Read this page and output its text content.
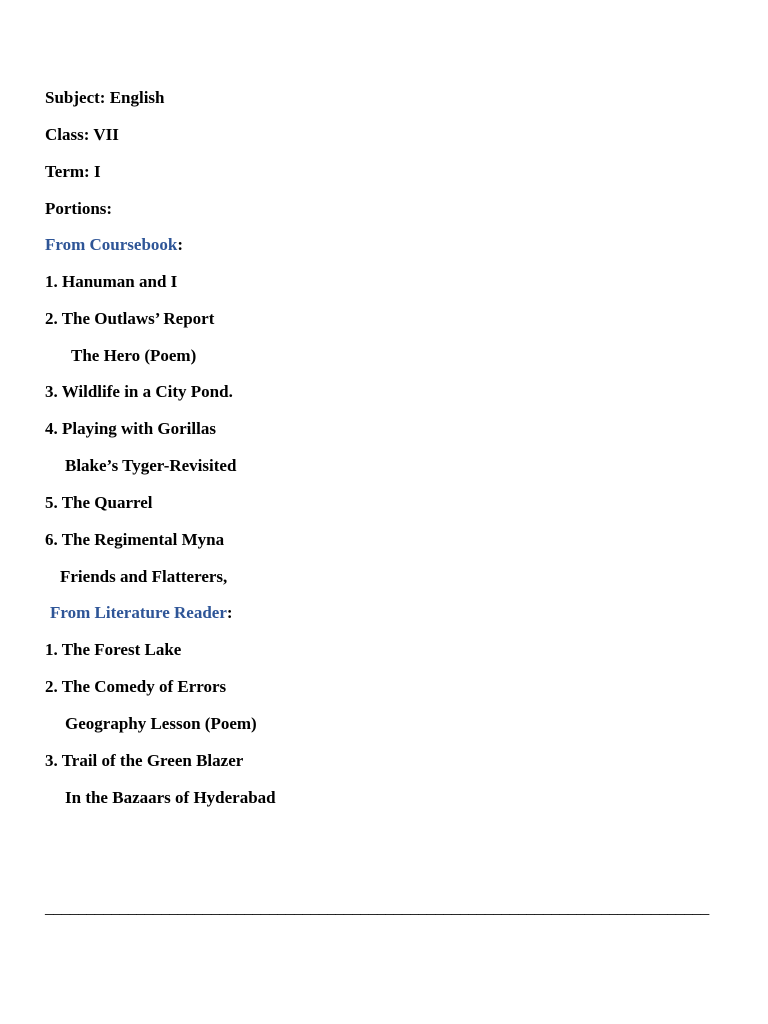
Subject: English
Class: VII
Term: I
Portions:
From Coursebook:
1. Hanuman and I
2. The Outlaws’ Report
The Hero (Poem)
3. Wildlife in a City Pond.
4. Playing with Gorillas
Blake’s Tyger-Revisited
5. The Quarrel
6. The Regimental Myna
Friends and Flatterers,
From Literature Reader:
1. The Forest Lake
2. The Comedy of Errors
Geography Lesson (Poem)
3. Trail of the Green Blazer
In the Bazaars of Hyderabad
________________________________________________________________________________
